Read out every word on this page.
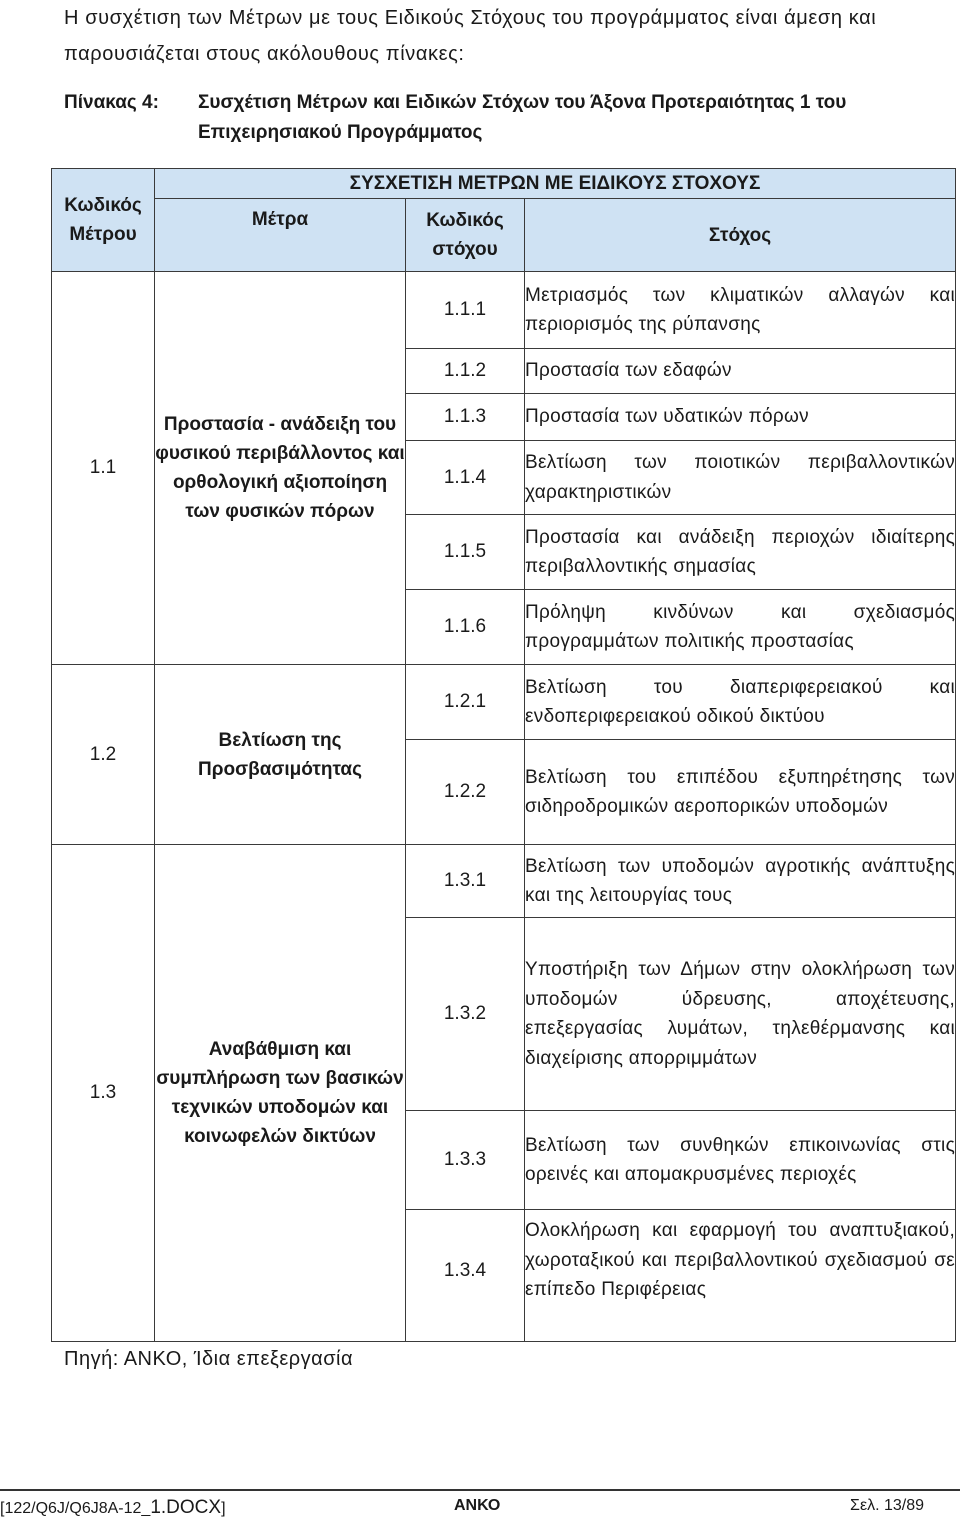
Η συσχέτιση των Μέτρων με τους Ειδικούς Στόχους του προγράμματος είναι άμεση και παρουσιάζεται στους ακόλουθους πίνακες:
Πίνακας 4: Συσχέτιση Μέτρων και Ειδικών Στόχων του Άξονα Προτεραιότητας 1 του Επιχειρησιακού Προγράμματος
Κωδικός Μέτρου	ΣΥΣΧΕΤΙΣΗ ΜΕΤΡΩΝ ΜΕ ΕΙΔΙΚΟΥΣ ΣΤΟΧΟΥΣ		
	Μέτρα	Κωδικός στόχου	Στόχος
1.1	Προστασία - ανάδειξη του φυσικού περιβάλλοντος και ορθολογική αξιοποίηση των φυσικών πόρων	1.1.1	Μετριασμός των κλιματικών αλλαγών και περιορισμός της ρύπανσης
		1.1.2	Προστασία των εδαφών
		1.1.3	Προστασία των υδατικών πόρων
		1.1.4	Βελτίωση των ποιοτικών περιβαλλοντικών χαρακτηριστικών
		1.1.5	Προστασία και ανάδειξη περιοχών ιδιαίτερης περιβαλλοντικής σημασίας
		1.1.6	Πρόληψη κινδύνων και σχεδιασμός προγραμμάτων πολιτικής προστασίας
1.2	Βελτίωση της Προσβασιμότητας	1.2.1	Βελτίωση του διαπεριφερειακού και ενδοπεριφερειακού οδικού δικτύου
		1.2.2	Βελτίωση του επιπέδου εξυπηρέτησης των σιδηροδρομικών αεροπορικών υποδομών
1.3	Αναβάθμιση και συμπλήρωση των βασικών τεχνικών υποδομών και κοινωφελών δικτύων	1.3.1	Βελτίωση των υποδομών αγροτικής ανάπτυξης και της λειτουργίας τους
		1.3.2	Υποστήριξη των Δήμων στην ολοκλήρωση των υποδομών ύδρευσης, αποχέτευσης, επεξεργασίας λυμάτων, τηλεθέρμανσης και διαχείρισης απορριμμάτων
		1.3.3	Βελτίωση των συνθηκών επικοινωνίας στις ορεινές και απομακρυσμένες περιοχές
		1.3.4	Ολοκλήρωση και εφαρμογή του αναπτυξιακού, χωροταξικού και περιβαλλοντικού σχεδιασμού σε επίπεδο Περιφέρειας
Πηγή: ΑΝΚΟ, Ίδια επεξεργασία
[122/Q6J/Q6J8A-12_1.DOCX]	ΑΝΚΟ	Σελ. 13/89
